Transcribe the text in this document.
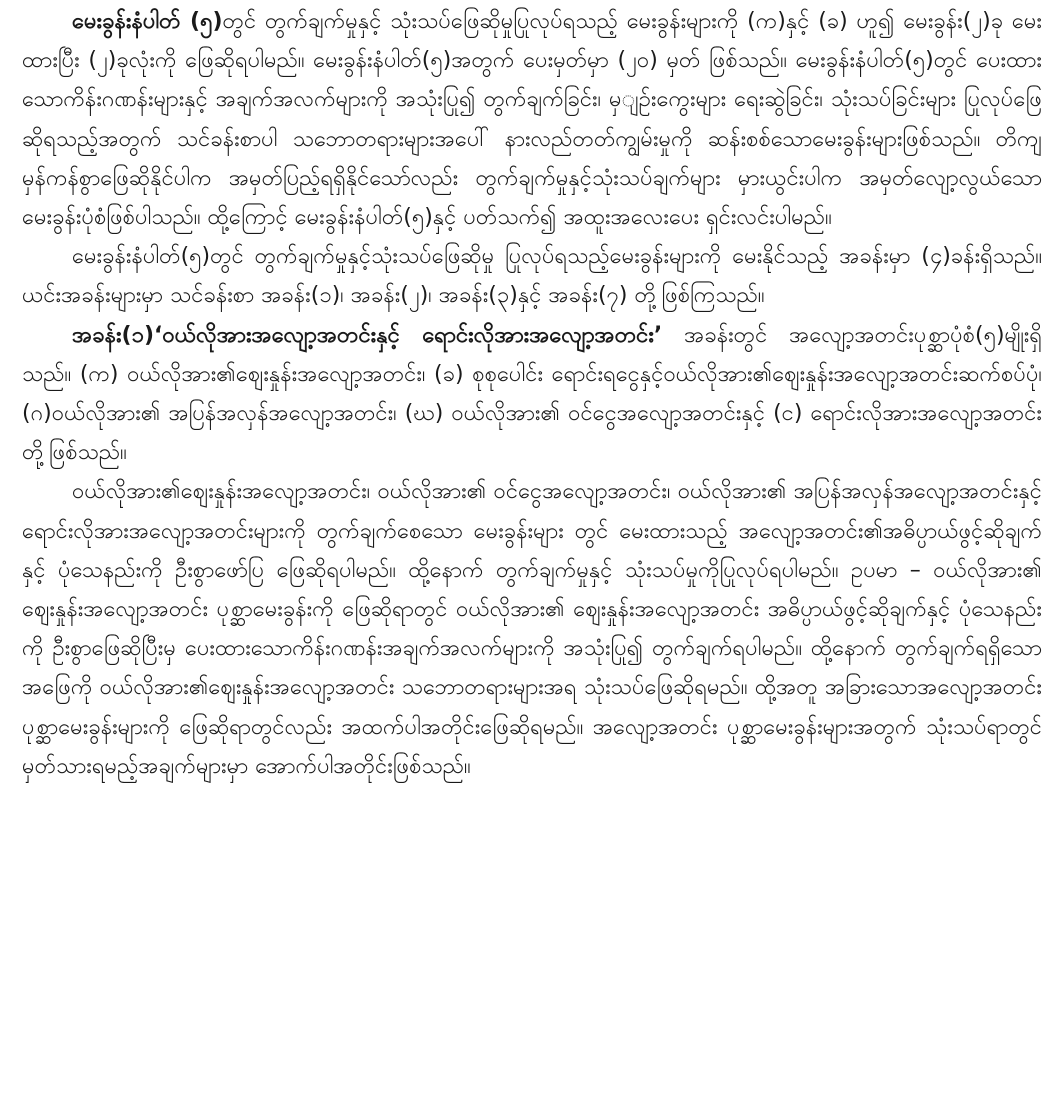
မေးခွန်းနံပါတ် (၅)တွင် တွက်ချက်မှုနှင့် သုံးသပ်ဖြေဆိုမှုပြုလုပ်ရသည့် မေးခွန်းများကို (က)နှင့် (ခ) ဟူ၍ မေးခွန်း(၂)ခု မေးထားပြီး (၂)ခုလုံးကို ဖြေဆိုရပါမည်။ မေးခွန်းနံပါတ်(၅)အတွက် ပေးမှတ်မှာ (၂၀) မှတ် ဖြစ်သည်။ မေးခွန်းနံပါတ်(၅)တွင် ပေးထားသောကိန်းဂဏန်းများနှင့် အချက်အလက်များကို အသုံးပြု၍ တွက်ချက်ခြင်း၊ မှျဉ်းကွေးများ ရေးဆွဲခြင်း၊ သုံးသပ်ခြင်းများ ပြုလုပ်ဖြေဆိုရသည့်အတွက် သင်ခန်းစာပါ သဘောတရားများအပေါ် နားလည်တတ်ကျွမ်းမှုကို ဆန်းစစ်သောမေးခွန်းများဖြစ်သည်။ တိကျမှန်ကန်စွာဖြေဆိုနိုင်ပါက အမှတ်ပြည့်ရရှိနိုင်သော်လည်း တွက်ချက်မှုနှင့်သုံးသပ်ချက်များ မှားယွင်းပါက အမှတ်လျော့လွယ်သော မေးခွန်းပုံစံဖြစ်ပါသည်။ ထို့ကြောင့် မေးခွန်းနံပါတ်(၅)နှင့် ပတ်သက်၍ အထူးအလေးပေး ရှင်းလင်းပါမည်။

မေးခွန်းနံပါတ်(၅)တွင် တွက်ချက်မှုနှင့်သုံးသပ်ဖြေဆိုမှု ပြုလုပ်ရသည့်မေးခွန်းများကို မေးနိုင်သည့် အခန်းမှာ (၄)ခန်းရှိသည်။ ယင်းအခန်းများမှာ သင်ခန်းစာ အခန်း(၁)၊ အခန်း(၂)၊ အခန်း(၃)နှင့် အခန်း(၇) တို့ဖြစ်ကြသည်။

အခန်း(၁)‘ဝယ်လိုအားအလျော့အတင်းနှင့် ရောင်းလိုအားအလျော့အတင်း’ အခန်းတွင် အလျော့အတင်းပုစ္ဆာပုံစံ(၅)မျိုးရှိသည်။ (က) ဝယ်လိုအား၏ဈေးနှုန်းအလျော့အတင်း၊ (ခ) စုစုပေါင်း ရောင်းရငွေနှင့်ဝယ်လိုအား၏ဈေးနှုန်းအလျော့အတင်းဆက်စပ်ပုံ၊ (ဂ)ဝယ်လိုအား၏ အပြန်အလှန်အလျော့အတင်း၊ (ဃ) ဝယ်လိုအား၏ ဝင်ငွေအလျော့အတင်းနှင့် (င) ရောင်းလိုအားအလျော့အတင်းတို့ဖြစ်သည်။

ဝယ်လိုအား၏ဈေးနှုန်းအလျော့အတင်း၊ ဝယ်လိုအား၏ ဝင်ငွေအလျော့အတင်း၊ ဝယ်လိုအား၏ အပြန်အလှန်အလျော့အတင်းနှင့် ရောင်းလိုအားအလျော့အတင်းများကို တွက်ချက်စေသော မေးခွန်းများ တွင် မေးထားသည့် အလျော့အတင်း၏အဓိပ္ပာယ်ဖွင့်ဆိုချက်နှင့် ပုံသေနည်းကို ဦးစွာဖော်ပြ ဖြေဆိုရပါမည်။ ထို့နောက် တွက်ချက်မှုနှင့် သုံးသပ်မှုကိုပြုလုပ်ရပါမည်။ ဥပမာ – ဝယ်လိုအား၏ ဈေးနှုန်းအလျော့အတင်း ပုစ္ဆာမေးခွန်းကို ဖြေဆိုရာတွင် ဝယ်လိုအား၏ ဈေးနှုန်းအလျော့အတင်း အဓိပ္ပာယ်ဖွင့်ဆိုချက်နှင့် ပုံသေနည်းကို ဦးစွာဖြေဆိုပြီးမှ ပေးထားသောကိန်းဂဏန်းအချက်အလက်များကို အသုံးပြု၍ တွက်ချက်ရပါမည်။ ထို့နောက် တွက်ချက်ရရှိသောအဖြေကို ဝယ်လိုအား၏ဈေးနှုန်းအလျော့အတင်း သဘောတရားများအရ သုံးသပ်ဖြေဆိုရမည်။ ထို့အတူ အခြားသောအလျော့အတင်း ပုစ္ဆာမေးခွန်းများကို ဖြေဆိုရာတွင်လည်း အထက်ပါအတိုင်းဖြေဆိုရမည်။ အလျော့အတင်း ပုစ္ဆာမေးခွန်းများအတွက် သုံးသပ်ရာတွင် မှတ်သားရမည့်အချက်များမှာ အောက်ပါအတိုင်းဖြစ်သည်။
